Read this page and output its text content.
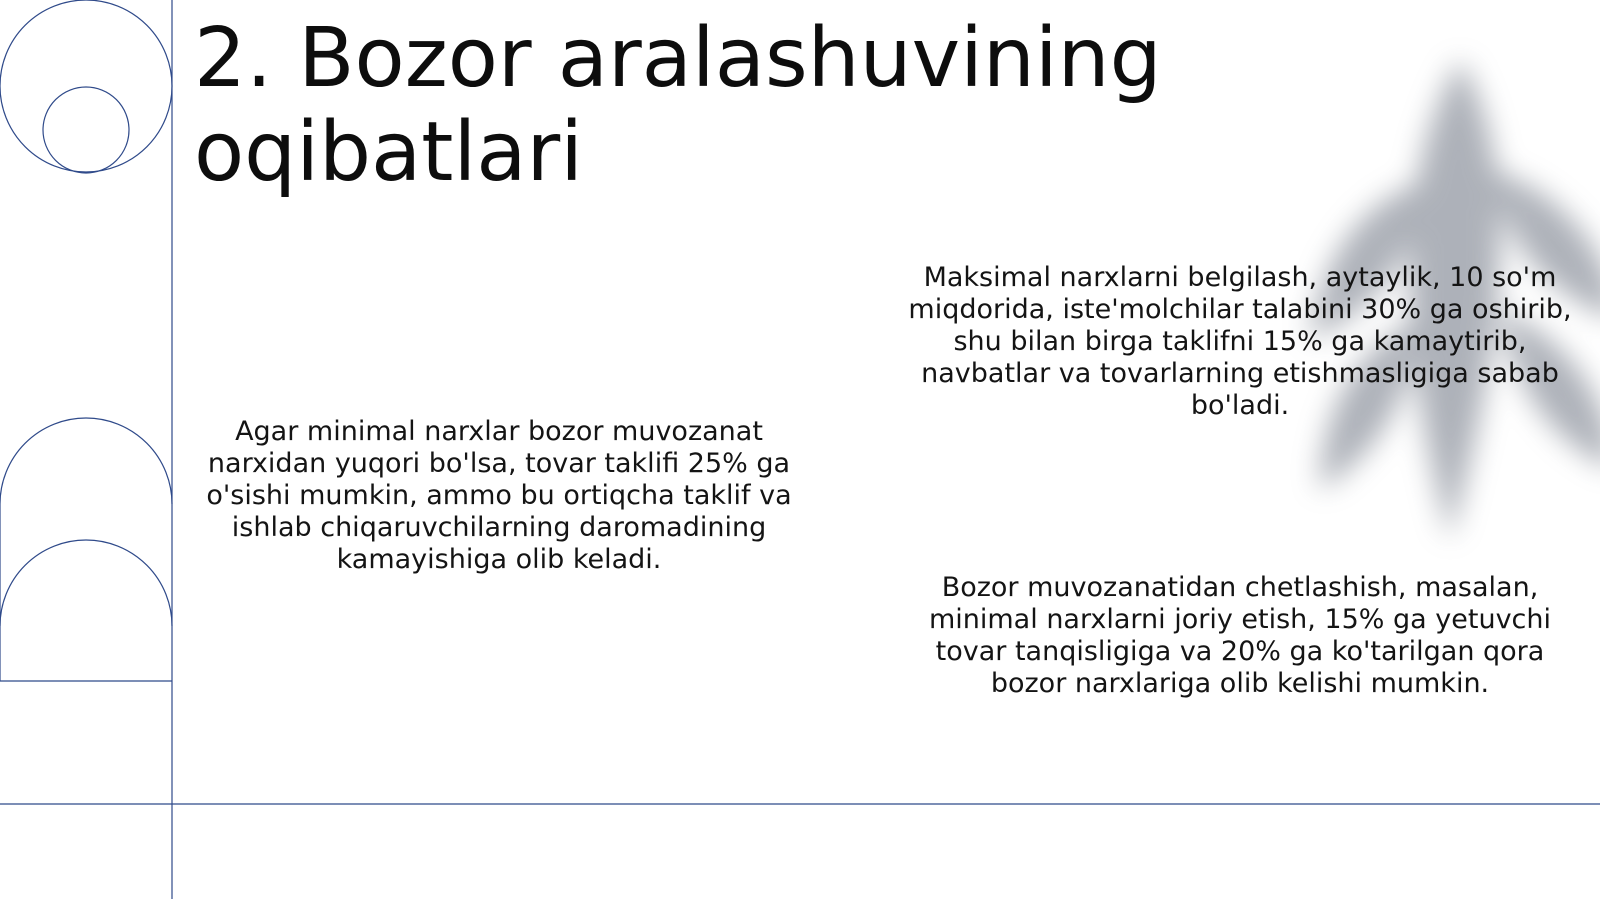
2. Bozor aralashuvining oqibatlari

Agar minimal narxlar bozor muvozanat narxidan yuqori bo'lsa, tovar taklifi 25% ga o'sishi mumkin, ammo bu ortiqcha taklif va ishlab chiqaruvchilarning daromadining kamayishiga olib keladi.

Maksimal narxlarni belgilash, aytaylik, 10 so'm miqdorida, iste'molchilar talabini 30% ga oshirib, shu bilan birga taklifni 15% ga kamaytirib, navbatlar va tovarlarning etishmasligiga sabab bo'ladi.

Bozor muvozanatidan chetlashish, masalan, minimal narxlarni joriy etish, 15% ga yetuvchi tovar tanqisligiga va 20% ga ko'tarilgan qora bozor narxlariga olib kelishi mumkin.
